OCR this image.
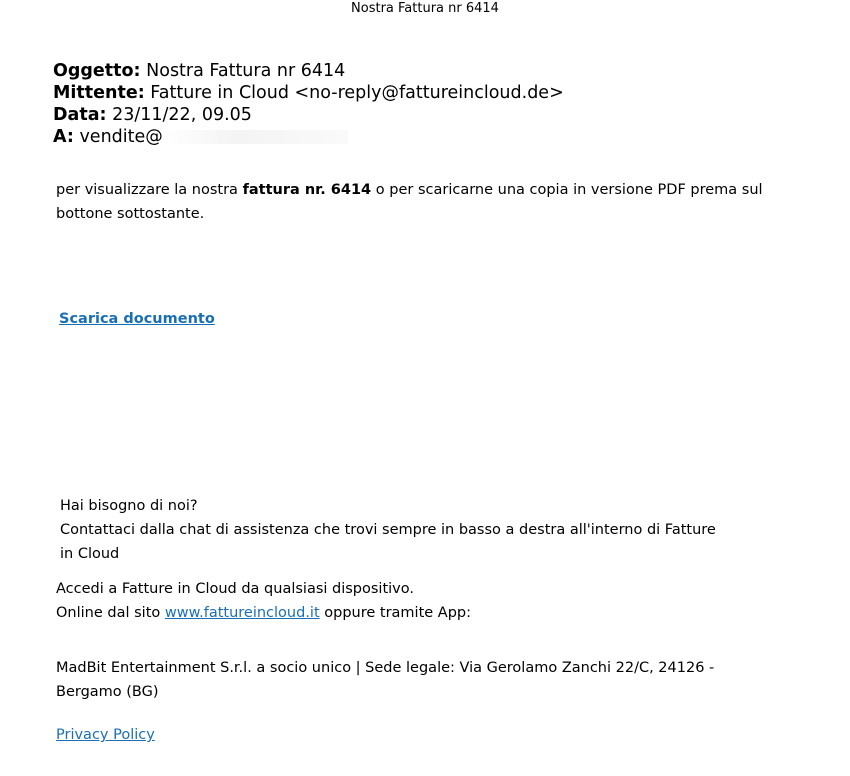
Nostra Fattura nr 6414
Oggetto: Nostra Fattura nr 6414
Mittente: Fatture in Cloud <no-reply@fattureincloud.de>
Data: 23/11/22, 09.05
A: vendite@
per visualizzare la nostra fattura nr. 6414 o per scaricarne una copia in versione PDF prema sul
bottone sottostante.
Scarica documento
Hai bisogno di noi?
Contattaci dalla chat di assistenza che trovi sempre in basso a destra all'interno di Fatture
in Cloud
Accedi a Fatture in Cloud da qualsiasi dispositivo.
Online dal sito www.fattureincloud.it oppure tramite App:
MadBit Entertainment S.r.l. a socio unico | Sede legale: Via Gerolamo Zanchi 22/C, 24126 -
Bergamo (BG)
Privacy Policy
